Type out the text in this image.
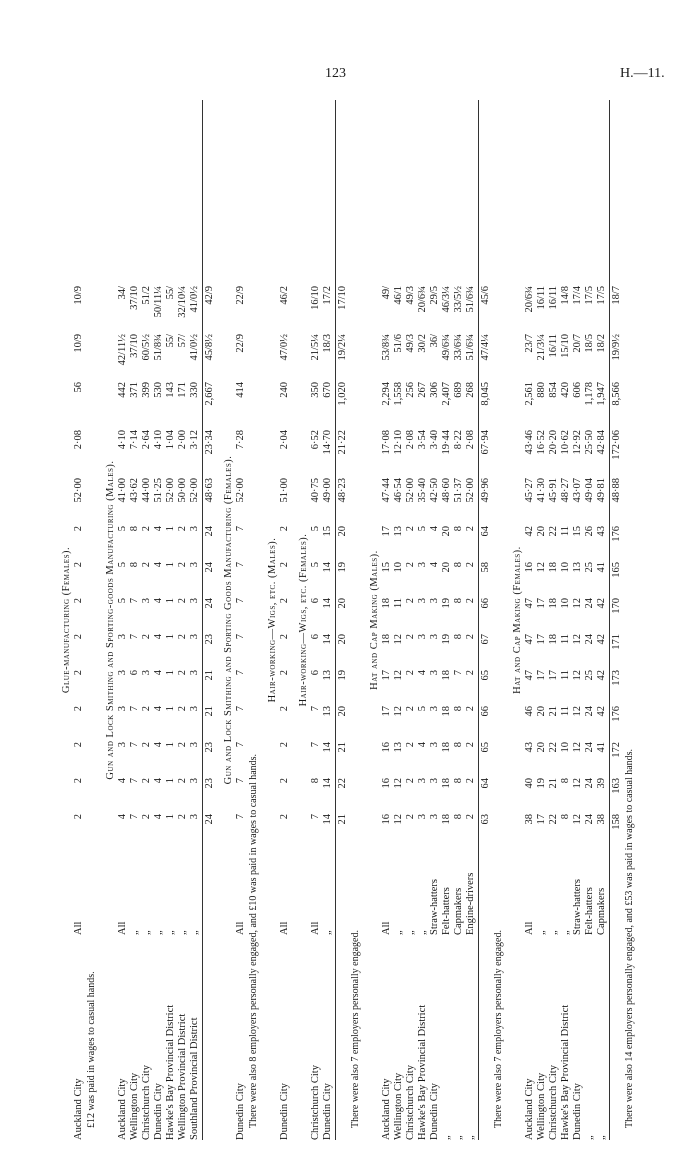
123	H.—11.
Glue-manufacturing (Females).
Auckland City
All
2
2
2
2
2
2
2
2
2
52·00
2·08
56
10/9
10/9
£12 was paid in wages to casual hands.
Gun and Lock Smithing and Sporting-goods Manufacturing (Males).
Auckland City
All
4
4
3
3
3
3
5
5
5
41·00
4·10
442
42/11½
34/
Wellington City
„
7
7
7
7
6
7
7
8
8
43·62
7·14
371
37/10
37/10
Christchurch City
„
2
2
2
2
3
2
3
2
2
44·00
2·64
399
60/5½
51/2
Dunedin City
„
4
4
4
4
4
4
4
4
4
51·25
4·10
530
51/8¾
50/11¼
Hawke's Bay Provincial District
„
1
1
1
1
1
1
1
1
1
52·00
1·04
143
55/
55/
Wellington Provincial District
„
2
2
2
2
2
2
2
2
2
50·00
2·00
171
57/
32/10¼
Southland Provincial District
„
3
3
3
3
3
3
3
3
3
52·00
3·12
330
41/0½
41/0½
24
23
23
21
21
23
24
24
24
48·63
23·34
2,667
45/8½
42/9
Gun and Lock Smithing and Sporting Goods Manufacturing (Females).
Dunedin City
All
7
7
7
7
7
7
7
7
7
52·00
7·28
414
22/9
22/9
There were also 8 employers personally engaged, and £10 was paid in wages to casual hands.
Hair-working—Wigs, etc. (Males).
Dunedin City
All
2
2
2
2
2
2
2
2
2
51·00
2·04
240
47/0½
46/2
Hair-working—Wigs, etc. (Females).
Christchurch City
All
7
8
7
7
6
6
6
5
5
40·75
6·52
350
21/5¼
16/10
Dunedin City
„
14
14
14
13
13
14
14
14
15
49·00
14·70
670
18/3
17/2
21
22
21
20
19
20
20
19
20
48·23
21·22
1,020
19/2¼
17/10
There were also 7 employers personally engaged.
Hat and Cap Making (Males).
Auckland City
All
16
16
16
17
17
18
18
15
17
47·44
17·08
2,294
53/8¾
49/
Wellington City
„
12
12
13
12
12
12
11
10
13
46·54
12·10
1,558
51/6
46/1
Christchurch City
„
2
2
2
2
2
2
2
2
2
52·00
2·08
256
49/3
49/3
Hawke's Bay Provincial District
„
3
3
4
5
4
3
3
3
5
35·40
3·54
267
30/2
20/6¾
Dunedin City
Straw-hatters
3
3
3
3
3
3
3
4
4
42·50
3·40
306
36/
29/5
„
Felt-hatters
18
18
18
18
18
19
19
20
20
48·60
19·44
2,407
49/6¾
46/3¼
„
Capmakers
8
8
8
8
7
8
8
8
8
51·37
8·22
689
33/6¾
33/5½
„
Engine-drivers
2
2
2
2
2
2
2
2
2
52·00
2·08
268
51/6¾
51/6¾
63
64
65
66
65
67
66
58
64
49·96
67·94
8,045
47/4¼
45/6
There were also 7 employers personally engaged.
Hat and Cap Making (Females).
Auckland City
All
38
40
43
46
47
47
47
16
42
45·27
43·46
2,561
23/7
20/6¾
Wellington City
„
17
19
20
20
17
17
17
12
20
41·30
16·52
880
21/3¼
16/11
Christchurch City
„
22
21
22
21
17
18
18
18
22
45·91
20·20
854
16/11
16/11
Hawke's Bay Provincial District
„
8
8
10
11
11
11
10
10
11
48·27
10·62
420
15/10
14/8
Dunedin City
Straw-hatters
12
12
12
12
12
12
12
13
15
43·07
12·92
606
20/7
17/4
„
Felt-hatters
24
24
24
24
25
24
24
25
26
49·04
25·50
1,178
18/5
17/5
„
Capmakers
38
39
41
42
42
42
42
41
43
49·81
42·84
1,947
18/2
17/5
158
163
172
176
173
171
170
165
176
48·88
172·06
8,566
19/9½
18/7
There were also 14 employers personally engaged, and £53 was paid in wages to casual hands.
